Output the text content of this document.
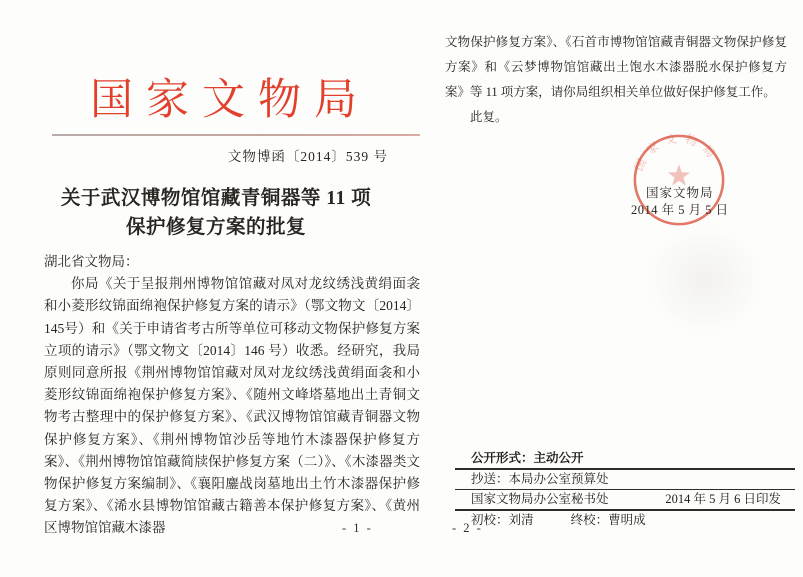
国家文物局
文物博函〔2014〕539 号
关于武汉博物馆馆藏青铜器等 11 项
保护修复方案的批复
湖北省文物局：

你局《关于呈报荆州博物馆馆藏对凤对龙纹绣浅黄绢面衾和小菱形纹锦面绵袍保护修复方案的请示》（鄂文物文〔2014〕145号）和《关于申请省考古所等单位可移动文物保护修复方案立项的请示》（鄂文物文〔2014〕146 号）收悉。经研究，我局原则同意所报《荆州博物馆馆藏对凤对龙纹绣浅黄绢面衾和小菱形纹锦面绵袍保护修复方案》、《随州文峰塔墓地出土青铜文物考古整理中的保护修复方案》、《武汉博物馆馆藏青铜器文物保护修复方案》、《荆州博物馆沙岳等地竹木漆器保护修复方案》、《荆州博物馆馆藏简牍保护修复方案（二）》、《木漆器类文物保护修复方案编制》、《襄阳鏖战岗墓地出土竹木漆器保护修复方案》、《浠水县博物馆馆藏古籍善本保护修复方案》、《黄州区博物馆馆藏木漆器	- 1 -

文物保护修复方案》、《石首市博物馆馆藏青铜器文物保护修复方案》和《云梦博物馆馆藏出土饱水木漆器脱水保护修复方案》等 11 项方案，请你局组织相关单位做好保护修复工作。

此复。

国家文物局
国家文物局
2014 年 5 月 5 日
公开形式：主动公开
抄送：本局办公室预算处
国家文物局办公室秘书处	2014 年 5 月 6 日印发
初校：刘清	终校：曹明成
- 2 -
